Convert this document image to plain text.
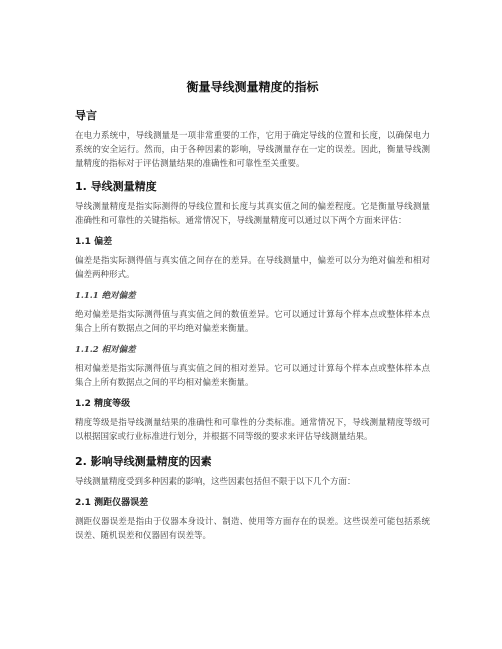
衡量导线测量精度的指标
导言

在电力系统中，导线测量是一项非常重要的工作，它用于确定导线的位置和长度，以确保电力系统的安全运行。然而，由于各种因素的影响，导线测量存在一定的误差。因此，衡量导线测量精度的指标对于评估测量结果的准确性和可靠性至关重要。

1. 导线测量精度

导线测量精度是指实际测得的导线位置和长度与其真实值之间的偏差程度。它是衡量导线测量准确性和可靠性的关键指标。通常情况下，导线测量精度可以通过以下两个方面来评估：

1.1 偏差

偏差是指实际测得值与真实值之间存在的差异。在导线测量中，偏差可以分为绝对偏差和相对偏差两种形式。

1.1.1 绝对偏差

绝对偏差是指实际测得值与真实值之间的数值差异。它可以通过计算每个样本点或整体样本点集合上所有数据点之间的平均绝对偏差来衡量。

1.1.2 相对偏差

相对偏差是指实际测得值与真实值之间的相对差异。它可以通过计算每个样本点或整体样本点集合上所有数据点之间的平均相对偏差来衡量。

1.2 精度等级

精度等级是指导线测量结果的准确性和可靠性的分类标准。通常情况下，导线测量精度等级可以根据国家或行业标准进行划分，并根据不同等级的要求来评估导线测量结果。

2. 影响导线测量精度的因素

导线测量精度受到多种因素的影响，这些因素包括但不限于以下几个方面：

2.1 测距仪器误差

测距仪器误差是指由于仪器本身设计、制造、使用等方面存在的误差。这些误差可能包括系统误差、随机误差和仪器固有误差等。
